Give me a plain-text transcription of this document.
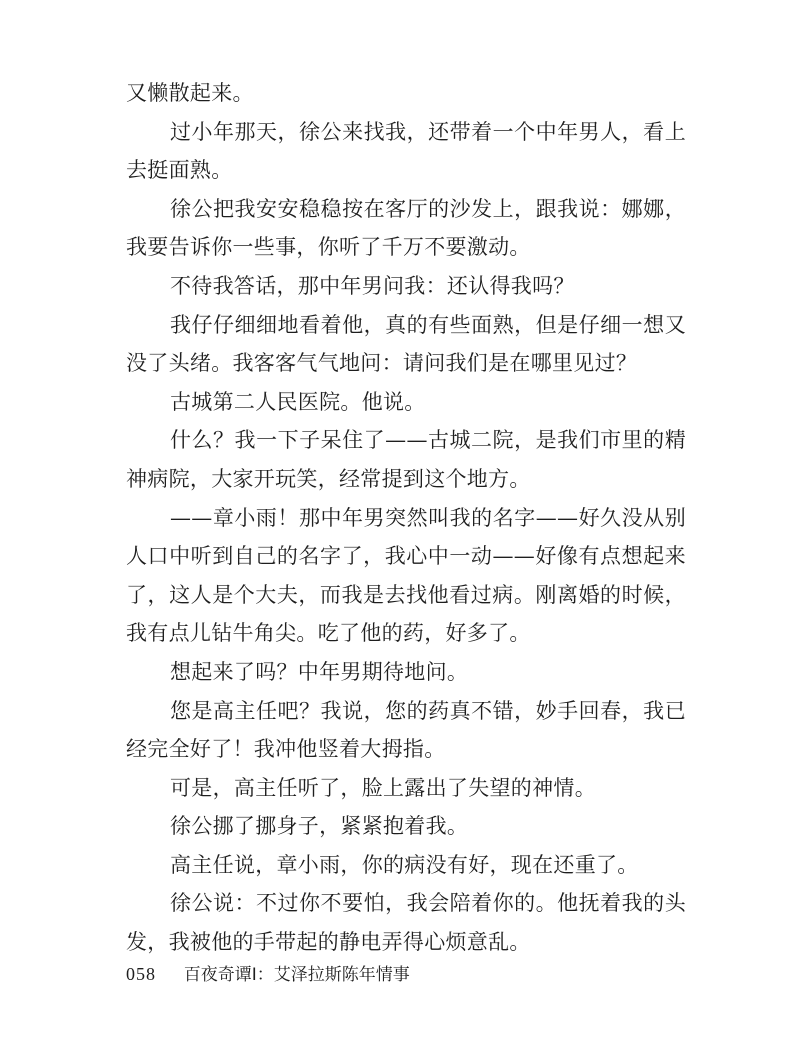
又懒散起来。

过小年那天，徐公来找我，还带着一个中年男人，看上去挺面熟。

徐公把我安安稳稳按在客厅的沙发上，跟我说：娜娜，我要告诉你一些事，你听了千万不要激动。

不待我答话，那中年男问我：还认得我吗？

我仔仔细细地看着他，真的有些面熟，但是仔细一想又没了头绪。我客客气气地问：请问我们是在哪里见过？

古城第二人民医院。他说。

什么？我一下子呆住了——古城二院，是我们市里的精神病院，大家开玩笑，经常提到这个地方。

——章小雨！那中年男突然叫我的名字——好久没从别人口中听到自己的名字了，我心中一动——好像有点想起来了，这人是个大夫，而我是去找他看过病。刚离婚的时候，我有点儿钻牛角尖。吃了他的药，好多了。

想起来了吗？中年男期待地问。

您是高主任吧？我说，您的药真不错，妙手回春，我已经完全好了！我冲他竖着大拇指。

可是，高主任听了，脸上露出了失望的神情。

徐公挪了挪身子，紧紧抱着我。

高主任说，章小雨，你的病没有好，现在还重了。

徐公说：不过你不要怕，我会陪着你的。他抚着我的头发，我被他的手带起的静电弄得心烦意乱。

058 百夜奇谭Ⅰ：艾泽拉斯陈年情事
